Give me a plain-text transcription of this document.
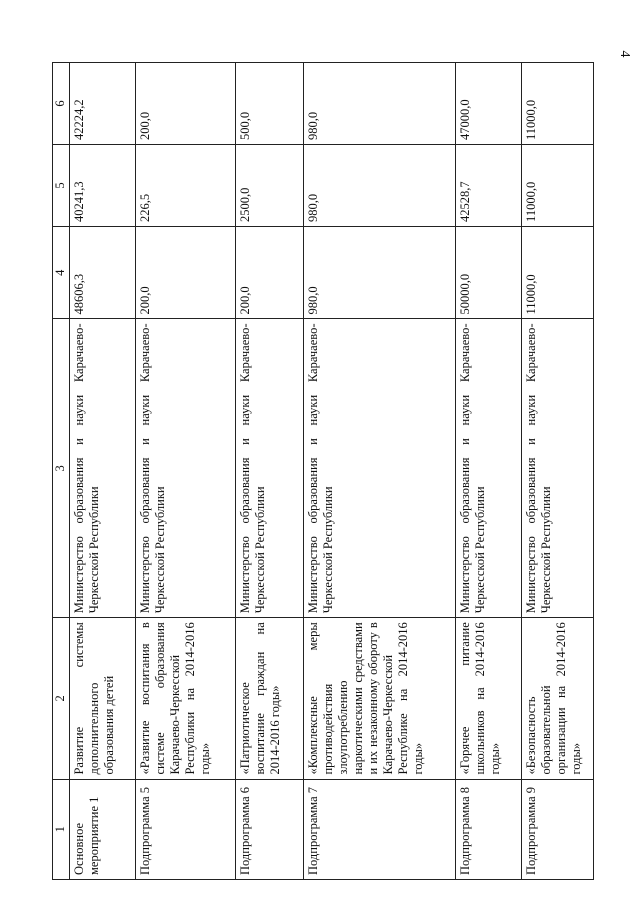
4
1	2	3	4	5	6
Основное мероприятие 1	Развитие системы дополнительного образования детей	Министерство образования и науки Карачаево-Черкесской Республики	48606,3	40241,3	42224,2
Подпрограмма 5	«Развитие воспитания в системе образования Карачаево-Черкесской Республики на 2014-2016 годы»	Министерство образования и науки Карачаево-Черкесской Республики	200,0	226,5	200,0
Подпрограмма 6	«Патриотическое воспитание граждан на 2014-2016 годы»	Министерство образования и науки Карачаево-Черкесской Республики	200,0	2500,0	500,0
Подпрограмма 7	«Комплексные меры противодействия злоупотреблению наркотическими средствами и их незаконному обороту в Карачаево-Черкесской Республике на 2014-2016 годы»	Министерство образования и науки Карачаево-Черкесской Республики	980,0	980,0	980,0
Подпрограмма 8	«Горячее питание школьников на 2014-2016 годы»	Министерство образования и науки Карачаево-Черкесской Республики	50000,0	42528,7	47000,0
Подпрограмма 9	«Безопасность образовательной организации на 2014-2016 годы»	Министерство образования и науки Карачаево-Черкесской Республики	11000,0	11000,0	11000,0
